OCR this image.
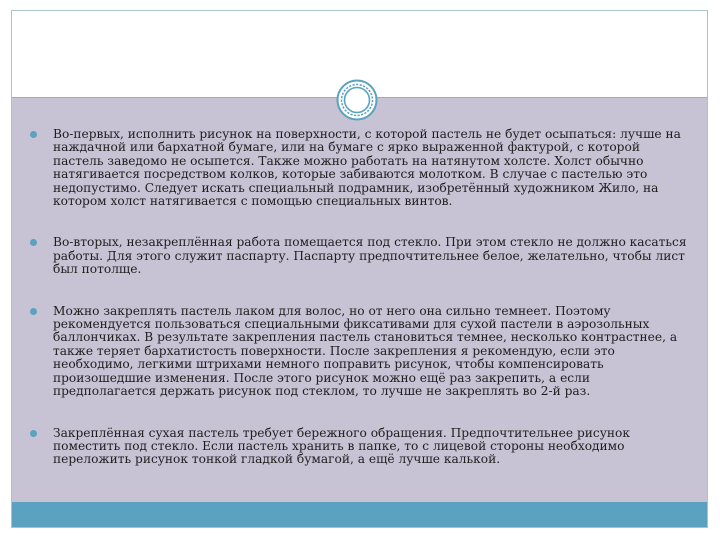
Во-первых, исполнить рисунок на поверхности, с которой пастель не будет осыпаться: лучше на наждачной или бархатной бумаге, или на бумаге с ярко выраженной фактурой, с которой пастель заведомо не осыпется. Также можно работать на натянутом холсте. Холст обычно натягивается посредством колков, которые забиваются молотком. В случае с пастелью это недопустимо. Следует искать специальный подрамник, изобретённый художником Жило, на котором холст натягивается с помощью специальных винтов.
Во-вторых, незакреплённая работа помещается под стекло. При этом стекло не должно касаться работы. Для этого служит паспарту. Паспарту предпочтительнее белое, желательно, чтобы лист был потолще.
Можно закреплять пастель лаком для волос, но от него она сильно темнеет. Поэтому рекомендуется пользоваться специальными фиксативами для сухой пастели в аэрозольных баллончиках. В результате закрепления пастель становиться темнее, несколько контрастнее, а также теряет бархатистость поверхности. После закрепления я рекомендую, если это необходимо, легкими штрихами немного поправить рисунок, чтобы компенсировать произошедшие изменения. После этого рисунок можно ещё раз закрепить, а если предполагается держать рисунок под стеклом, то лучше не закреплять во 2-й раз.
Закреплённая сухая пастель требует бережного обращения. Предпочтительнее рисунок поместить под стекло. Если пастель хранить в папке, то с лицевой стороны необходимо переложить рисунок тонкой гладкой бумагой, а ещё лучше калькой.
